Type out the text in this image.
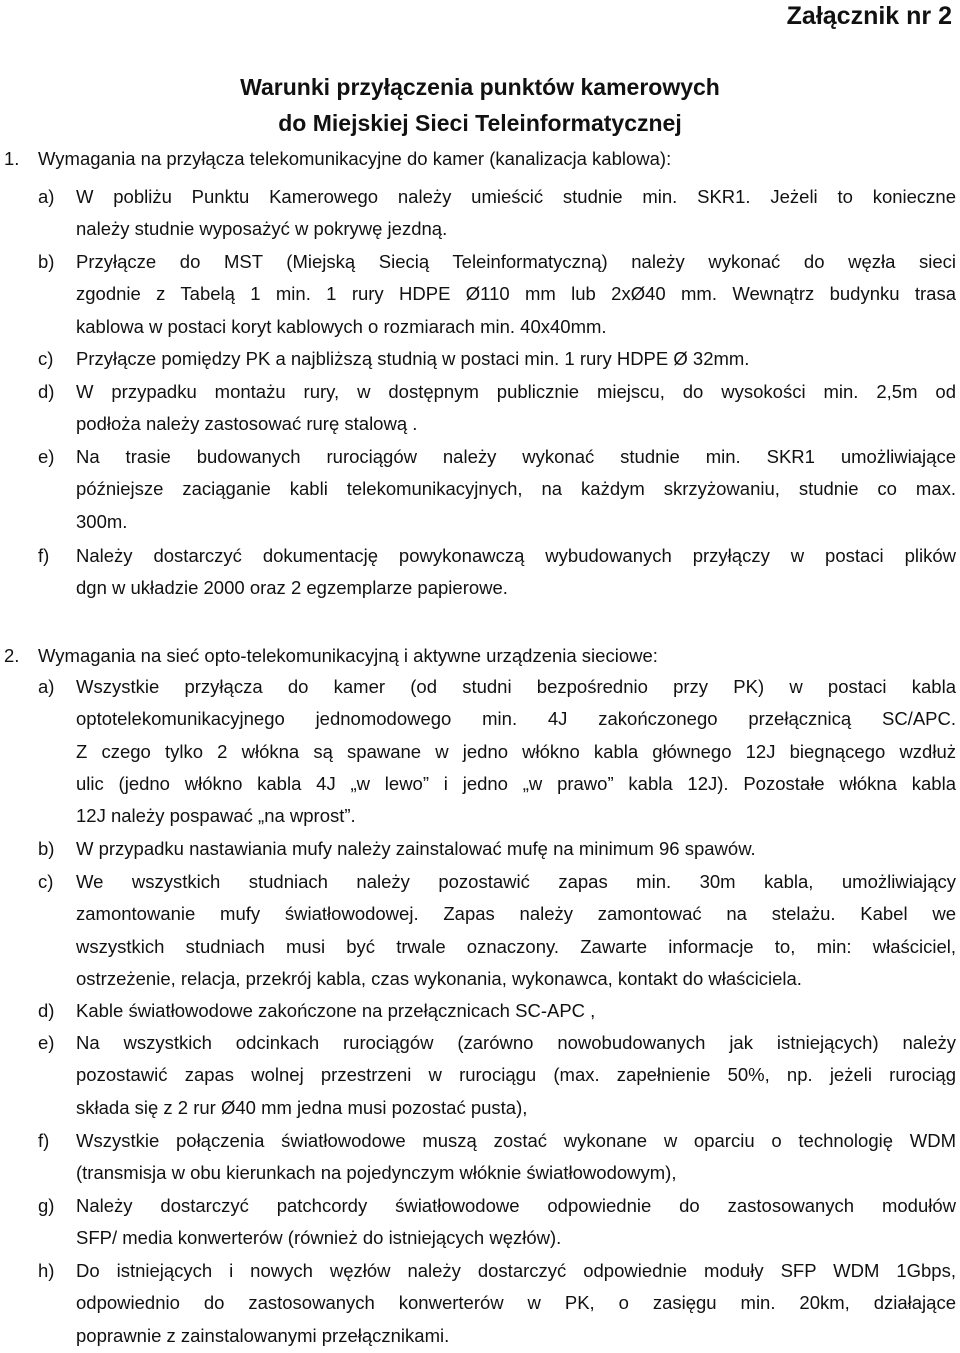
Załącznik nr 2
Warunki przyłączenia punktów kamerowych
do Miejskiej Sieci Teleinformatycznej
1. Wymagania na przyłącza telekomunikacyjne do kamer (kanalizacja kablowa):
a) W pobliżu Punktu Kamerowego należy umieścić studnie min. SKR1. Jeżeli to konieczne
należy studnie wyposażyć w pokrywę jezdną.
b) Przyłącze do MST (Miejską Siecią Teleinformatyczną) należy wykonać do węzła sieci
zgodnie z Tabelą 1 min. 1 rury HDPE Ø110 mm lub 2xØ40 mm. Wewnątrz budynku trasa
kablowa w postaci koryt kablowych o rozmiarach min. 40x40mm.
c) Przyłącze pomiędzy PK a najbliższą studnią w postaci min. 1 rury HDPE Ø 32mm.
d) W przypadku montażu rury, w dostępnym publicznie miejscu, do wysokości min. 2,5m od
podłoża należy zastosować rurę stalową .
e) Na trasie budowanych rurociągów należy wykonać studnie min. SKR1 umożliwiające
późniejsze zaciąganie kabli telekomunikacyjnych, na każdym skrzyżowaniu, studnie co max.
300m.
f) Należy dostarczyć dokumentację powykonawczą wybudowanych przyłączy w postaci plików
dgn w układzie 2000 oraz 2 egzemplarze papierowe.
2. Wymagania na sieć opto-telekomunikacyjną i aktywne urządzenia sieciowe:
a) Wszystkie przyłącza do kamer (od studni bezpośrednio przy PK) w postaci kabla
optotelekomunikacyjnego jednomodowego min. 4J zakończonego przełącznicą SC/APC.
Z czego tylko 2 włókna są spawane w jedno włókno kabla głównego 12J biegnącego wzdłuż
ulic (jedno włókno kabla 4J „w lewo” i jedno „w prawo” kabla 12J). Pozostałe włókna kabla
12J należy pospawać „na wprost”.
b) W przypadku nastawiania mufy należy zainstalować mufę na minimum 96 spawów.
c) We wszystkich studniach należy pozostawić zapas min. 30m kabla, umożliwiający
zamontowanie mufy światłowodowej. Zapas należy zamontować na stelażu. Kabel we
wszystkich studniach musi być trwale oznaczony. Zawarte informacje to, min: właściciel,
ostrzeżenie, relacja, przekrój kabla, czas wykonania, wykonawca, kontakt do właściciela.
d) Kable światłowodowe zakończone na przełącznicach SC-APC ,
e) Na wszystkich odcinkach rurociągów (zarówno nowobudowanych jak istniejących) należy
pozostawić zapas wolnej przestrzeni w rurociągu (max. zapełnienie 50%, np. jeżeli rurociąg
składa się z 2 rur Ø40 mm jedna musi pozostać pusta),
f) Wszystkie połączenia światłowodowe muszą zostać wykonane w oparciu o technologię WDM
(transmisja w obu kierunkach na pojedynczym włóknie światłowodowym),
g) Należy dostarczyć patchcordy światłowodowe odpowiednie do zastosowanych modułów
SFP/ media konwerterów (również do istniejących węzłów).
h) Do istniejących i nowych węzłów należy dostarczyć odpowiednie moduły SFP WDM 1Gbps,
odpowiednio do zastosowanych konwerterów w PK, o zasięgu min. 20km, działające
poprawnie z zainstalowanymi przełącznikami.
